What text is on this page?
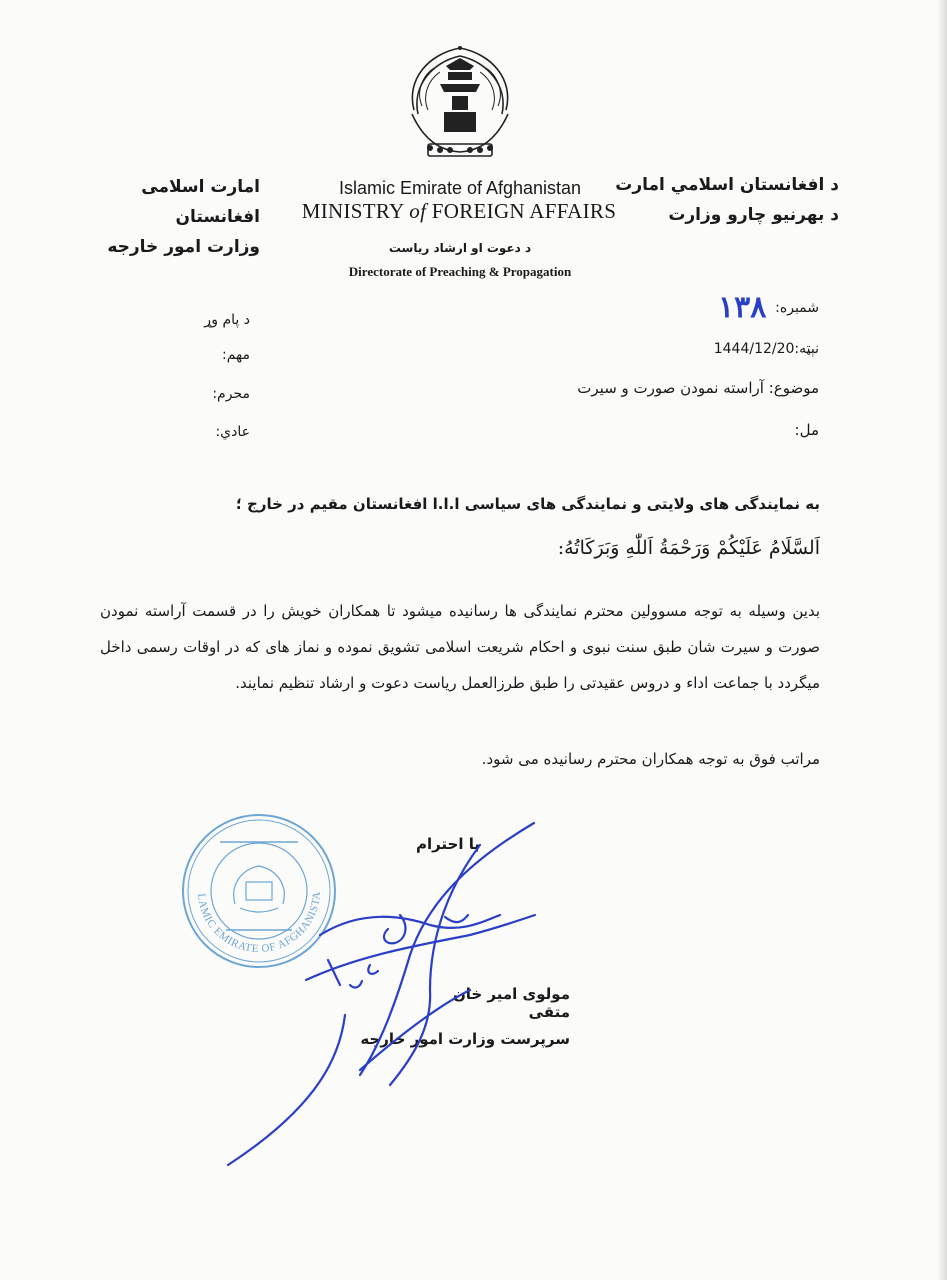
د افغانستان اسلامي امارت
د بهرنيو چارو وزارت
امارت اسلامی افغانستان
وزارت امور خارجه
Islamic Emirate of Afghanistan
MINISTRY of FOREIGN AFFAIRS
د دعوت او ارشاد رياست
Directorate of Preaching & Propagation
شمبره:
١٣٨
نېټه:1444/12/20
موضوع: آراسته نمودن صورت و سیرت
مل:
د پام وړ
مهم:
محرم:
عادي:
به نمایندگی های ولایتی و نمایندگی های سیاسی ا.ا.ا افغانستان مقیم در خارج ؛
اَلسَّلَامُ عَلَيْكُمْ وَرَحْمَةُ اَللّٰهِ وَبَرَكَاتُهُ:
بدین وسیله به توجه مسوولین محترم نمایندگی ها رسانیده میشود تا همکاران خویش را در قسمت آراسته نمودن صورت و سیرت شان طبق سنت نبوی و احکام شریعت اسلامی تشویق نموده و نماز های که در اوقات رسمی داخل میگردد با جماعت اداء و دروس عقیدتی را طبق طرزالعمل ریاست دعوت و ارشاد تنظیم نمایند.
مراتب فوق به توجه همکاران محترم رسانیده می شود.
LAMIC EMIRATE OF AFGHANISTA
با احترام
مولوی امیر خان متقی
سرپرست وزارت امور خارجه
